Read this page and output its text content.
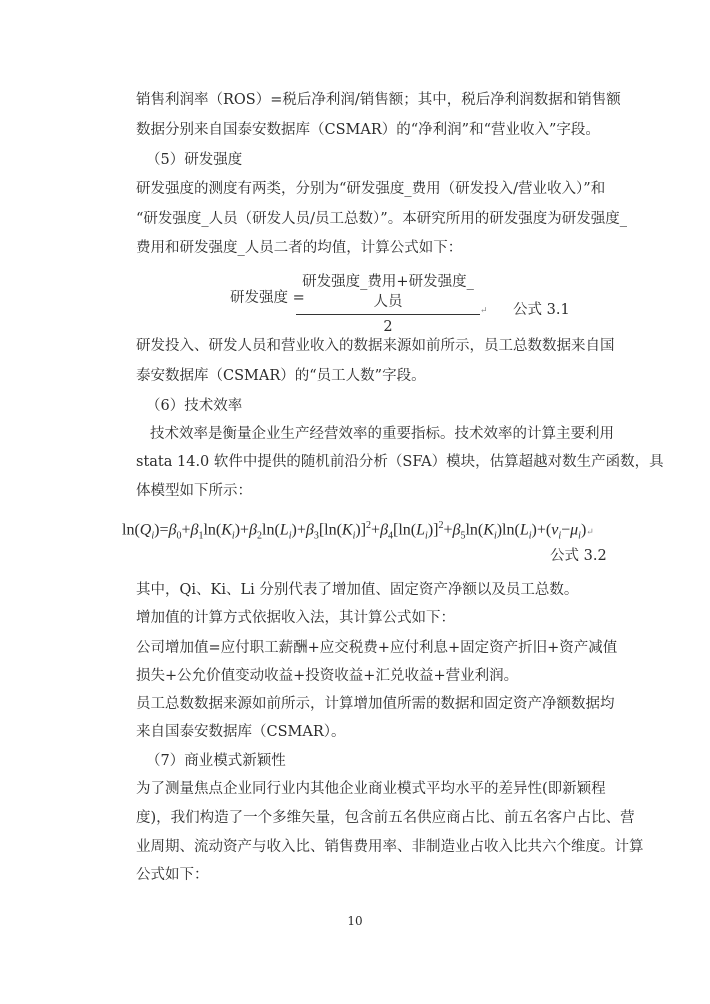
销售利润率（ROS）=税后净利润/销售额；其中，税后净利润数据和销售额
数据分别来自国泰安数据库（CSMAR）的“净利润”和“营业收入”字段。
（5）研发强度
研发强度的测度有两类，分别为“研发强度_费用（研发投入/营业收入）”和
“研发强度_人员（研发人员/员工总数）”。本研究所用的研发强度为研发强度_
费用和研发强度_人员二者的均值，计算公式如下：
研发强度 =
研发强度_费用+研发强度_人员
2
↵ 公式 3.1
研发投入、研发人员和营业收入的数据来源如前所示，员工总数数据来自国
泰安数据库（CSMAR）的“员工人数”字段。
（6）技术效率
技术效率是衡量企业生产经营效率的重要指标。技术效率的计算主要利用
stata 14.0 软件中提供的随机前沿分析（SFA）模块，估算超越对数生产函数，具
体模型如下所示：
$\ln(Q_i)=\beta_0+\beta_1\ln(K_i)+\beta_2\ln(L_i)+\beta_3[\ln(K_i)]^2+\beta_4[\ln(L_i)]^2+\beta_5\ln(K_i)\ln(L_i)+(\nu_i-\mu_i)↵$
公式 3.2
其中，Qi、Ki、Li 分别代表了增加值、固定资产净额以及员工总数。
增加值的计算方式依据收入法，其计算公式如下：
公司增加值=应付职工薪酬+应交税费+应付利息+固定资产折旧+资产减值
损失+公允价值变动收益+投资收益+汇兑收益+营业利润。
员工总数数据来源如前所示，计算增加值所需的数据和固定资产净额数据均
来自国泰安数据库（CSMAR）。
（7）商业模式新颖性
为了测量焦点企业同行业内其他企业商业模式平均水平的差异性(即新颖程
度)，我们构造了一个多维矢量，包含前五名供应商占比、前五名客户占比、营
业周期、流动资产与收入比、销售费用率、非制造业占收入比共六个维度。计算
公式如下：
10
